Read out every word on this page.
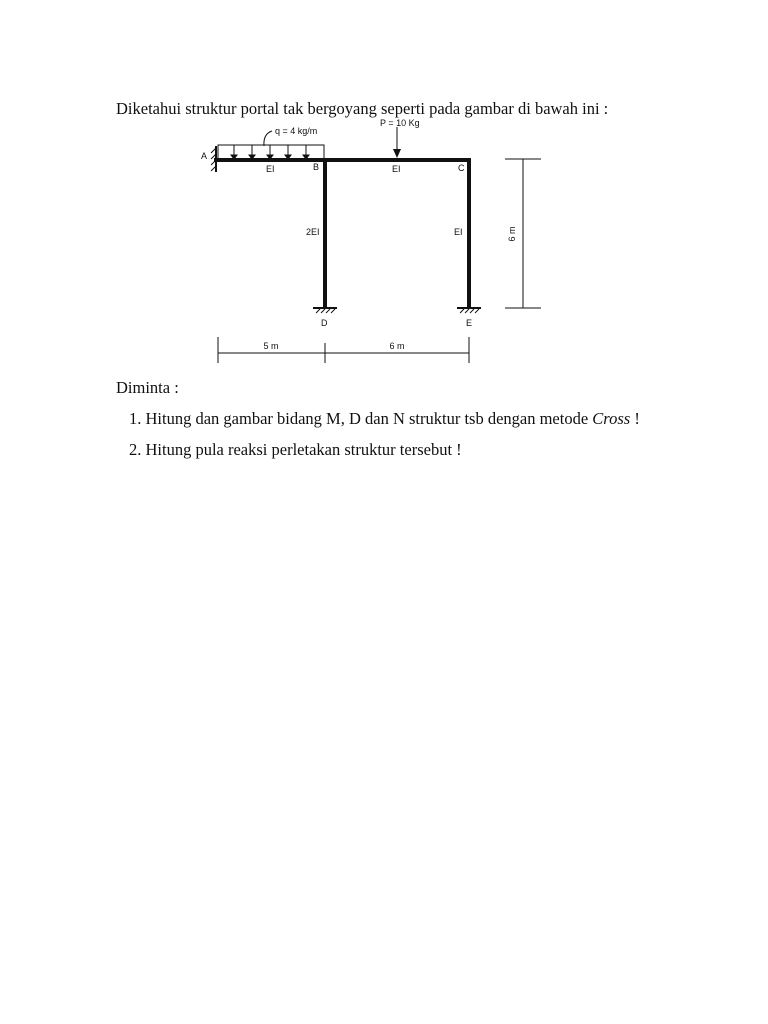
Diketahui struktur portal tak bergoyang seperti pada gambar di bawah ini :
q = 4 kg/m
P = 10 Kg
A
B	C
D	E
EI	EI
2EI	EI	6 m
5 m	6 m
Diminta :
1. Hitung dan gambar bidang M, D dan N struktur tsb dengan metode Cross !
2. Hitung pula reaksi perletakan struktur tersebut !
